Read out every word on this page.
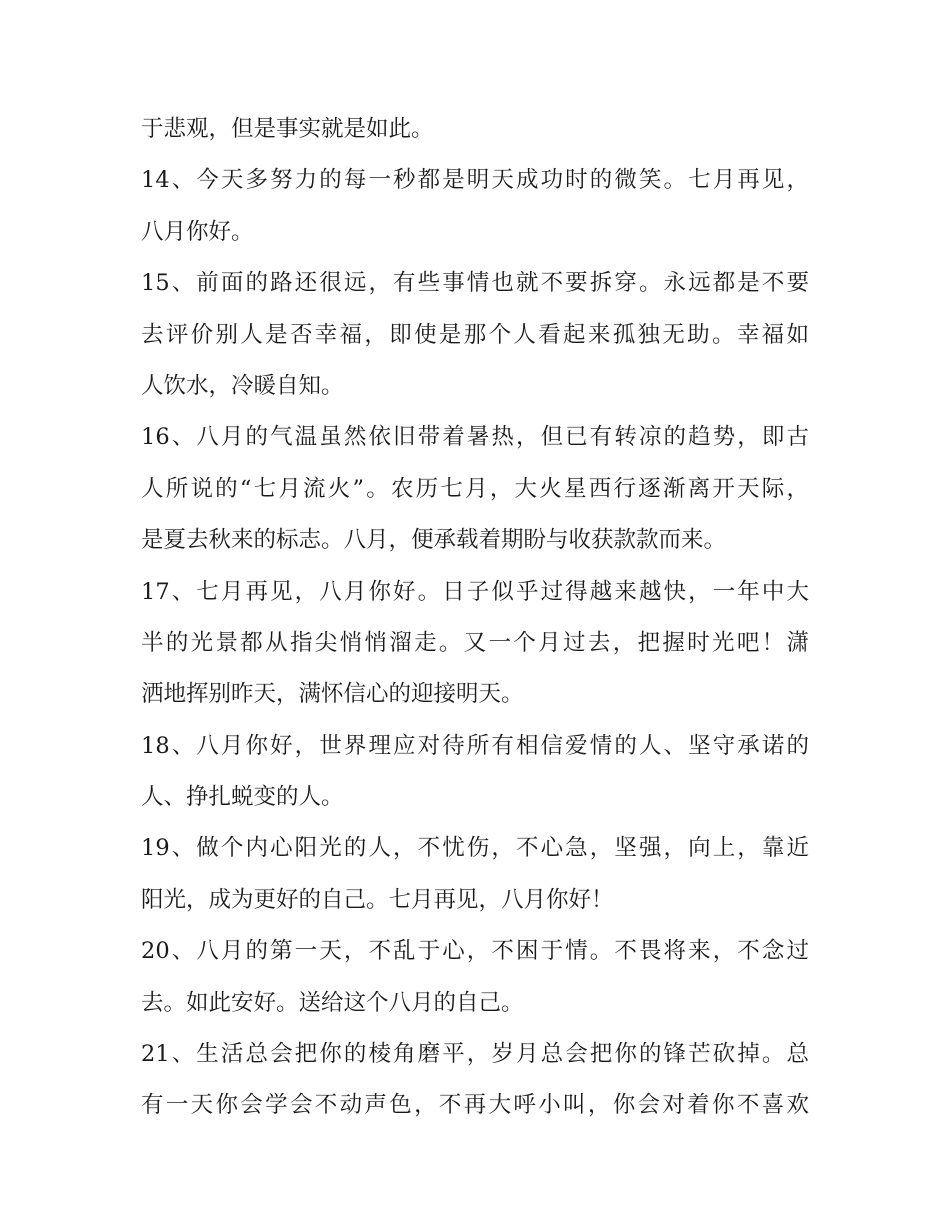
于悲观，但是事实就是如此。
14、今天多努力的每一秒都是明天成功时的微笑。七月再见，
八月你好。
15、前面的路还很远，有些事情也就不要拆穿。永远都是不要
去评价别人是否幸福，即使是那个人看起来孤独无助。幸福如
人饮水，冷暖自知。
16、八月的气温虽然依旧带着暑热，但已有转凉的趋势，即古
人所说的“七月流火”。农历七月，大火星西行逐渐离开天际，
是夏去秋来的标志。八月，便承载着期盼与收获款款而来。
17、七月再见，八月你好。日子似乎过得越来越快，一年中大
半的光景都从指尖悄悄溜走。又一个月过去，把握时光吧！潇
洒地挥别昨天，满怀信心的迎接明天。
18、八月你好，世界理应对待所有相信爱情的人、坚守承诺的
人、挣扎蜕变的人。
19、做个内心阳光的人，不忧伤，不心急，坚强，向上，靠近
阳光，成为更好的自己。七月再见，八月你好！
20、八月的第一天，不乱于心，不困于情。不畏将来，不念过
去。如此安好。送给这个八月的自己。
21、生活总会把你的棱角磨平，岁月总会把你的锋芒砍掉。总
有一天你会学会不动声色，不再大呼小叫，你会对着你不喜欢
